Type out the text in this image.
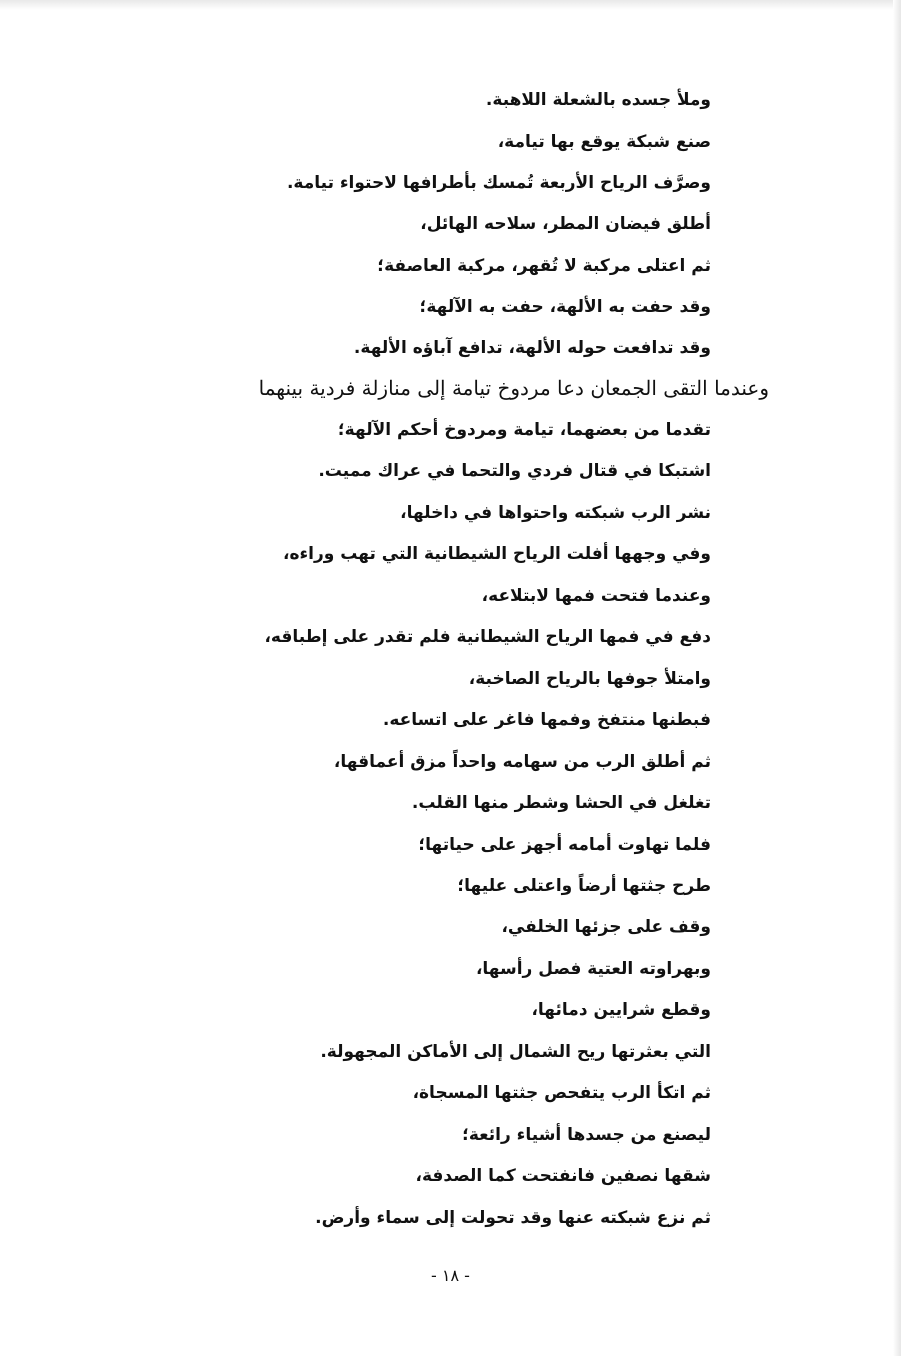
وملأ جسده بالشعلة اللاهبة.
صنع شبكة يوقع بها تيامة،
وصرَّف الرياح الأربعة تُمسك بأطرافها لاحتواء تيامة.
أطلق فيضان المطر، سلاحه الهائل،
ثم اعتلى مركبة لا تُقهر، مركبة العاصفة؛
وقد حفت به الألهة، حفت به الآلهة؛
وقد تدافعت حوله الألهة، تدافع آباؤه الألهة.
وعندما التقى الجمعان دعا مردوخ تيامة إلى منازلة فردية بينهما
تقدما من بعضهما، تيامة ومردوخ أحكم الآلهة؛
اشتبكا في قتال فردي والتحما في عراك مميت.
نشر الرب شبكته واحتواها في داخلها،
وفي وجهها أفلت الرياح الشيطانية التي تهب وراءه،
وعندما فتحت فمها لابتلاعه،
دفع في فمها الرياح الشيطانية فلم تقدر على إطباقه،
وامتلأ جوفها بالرياح الصاخبة،
فبطنها منتفخ وفمها فاغر على اتساعه.
ثم أطلق الرب من سهامه واحداً مزق أعماقها،
تغلغل في الحشا وشطر منها القلب.
فلما تهاوت أمامه أجهز على حياتها؛
طرح جثتها أرضاً واعتلى عليها؛
وقف على جزئها الخلفي،
وبهراوته العتية فصل رأسها،
وقطع شرايين دمائها،
التي بعثرتها ريح الشمال إلى الأماكن المجهولة.
ثم اتكأ الرب يتفحص جثتها المسجاة،
ليصنع من جسدها أشياء رائعة؛
شقها نصفين فانفتحت كما الصدفة،
ثم نزع شبكته عنها وقد تحولت إلى سماء وأرض.
- ١٨ -
